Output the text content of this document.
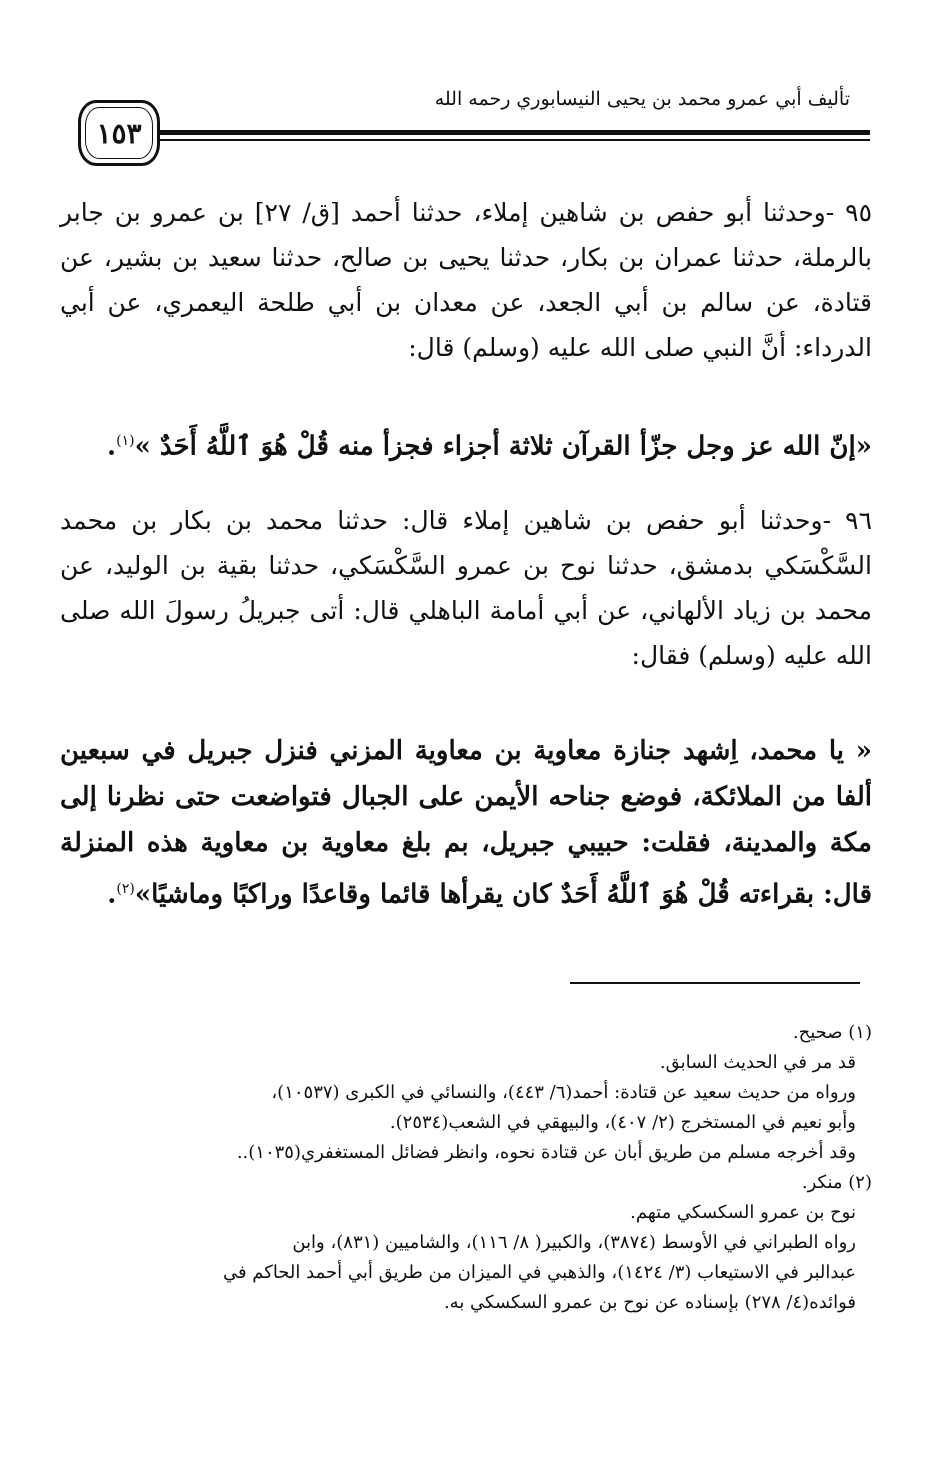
تأليف أبي عمرو محمد بن يحيى النيسابوري رحمه الله
١٥٣

٩٥ -وحدثنا أبو حفص بن شاهين إملاء، حدثنا أحمد [ق/ ٢٧] بن عمرو بن جابر بالرملة، حدثنا عمران بن بكار، حدثنا يحيى بن صالح، حدثنا سعيد بن بشير، عن قتادة، عن سالم بن أبي الجعد، عن معدان بن أبي طلحة اليعمري، عن أبي الدرداء: أنَّ النبي صلى الله عليه (وسلم) قال:

«إنّ الله عز وجل جزّأ القرآن ثلاثة أجزاء فجزأ منه قُلْ هُوَ ٱللَّهُ أَحَدٌ »$^{(١)}$.

٩٦ -وحدثنا أبو حفص بن شاهين إملاء قال: حدثنا محمد بن بكار بن محمد السَّكْسَكي بدمشق، حدثنا نوح بن عمرو السَّكْسَكي، حدثنا بقية بن الوليد، عن محمد بن زياد الألهاني، عن أبي أمامة الباهلي قال: أتى جبريلُ رسولَ الله صلى الله عليه (وسلم) فقال:

« يا محمد، اِشهد جنازة معاوية بن معاوية المزني فنزل جبريل في سبعين ألفا من الملائكة، فوضع جناحه الأيمن على الجبال فتواضعت حتى نظرنا إلى مكة والمدينة، فقلت: حبيبي جبريل، بم بلغ معاوية بن معاوية هذه المنزلة قال: بقراءته قُلْ هُوَ ٱللَّهُ أَحَدٌ كان يقرأها قائما وقاعدًا وراكبًا وماشيًا»$^{(٢)}$.

(١) صحيح.

قد مر في الحديث السابق.

ورواه من حديث سعيد عن قتادة: أحمد(٦/ ٤٤٣)، والنسائي في الكبرى (١٠٥٣٧)،

وأبو نعيم في المستخرج (٢/ ٤٠٧)، والبيهقي في الشعب(٢٥٣٤).

وقد أخرجه مسلم من طريق أبان عن قتادة نحوه، وانظر فضائل المستغفري(١٠٣٥)..

(٢) منكر.

نوح بن عمرو السكسكي متهم.

رواه الطبراني في الأوسط (٣٨٧٤)، والكبير( ٨/ ١١٦)، والشاميين (٨٣١)، وابن

عبدالبر في الاستيعاب (٣/ ١٤٢٤)، والذهبي في الميزان من طريق أبي أحمد الحاكم في

فوائده(٤/ ٢٧٨) بإسناده عن نوح بن عمرو السكسكي به.
